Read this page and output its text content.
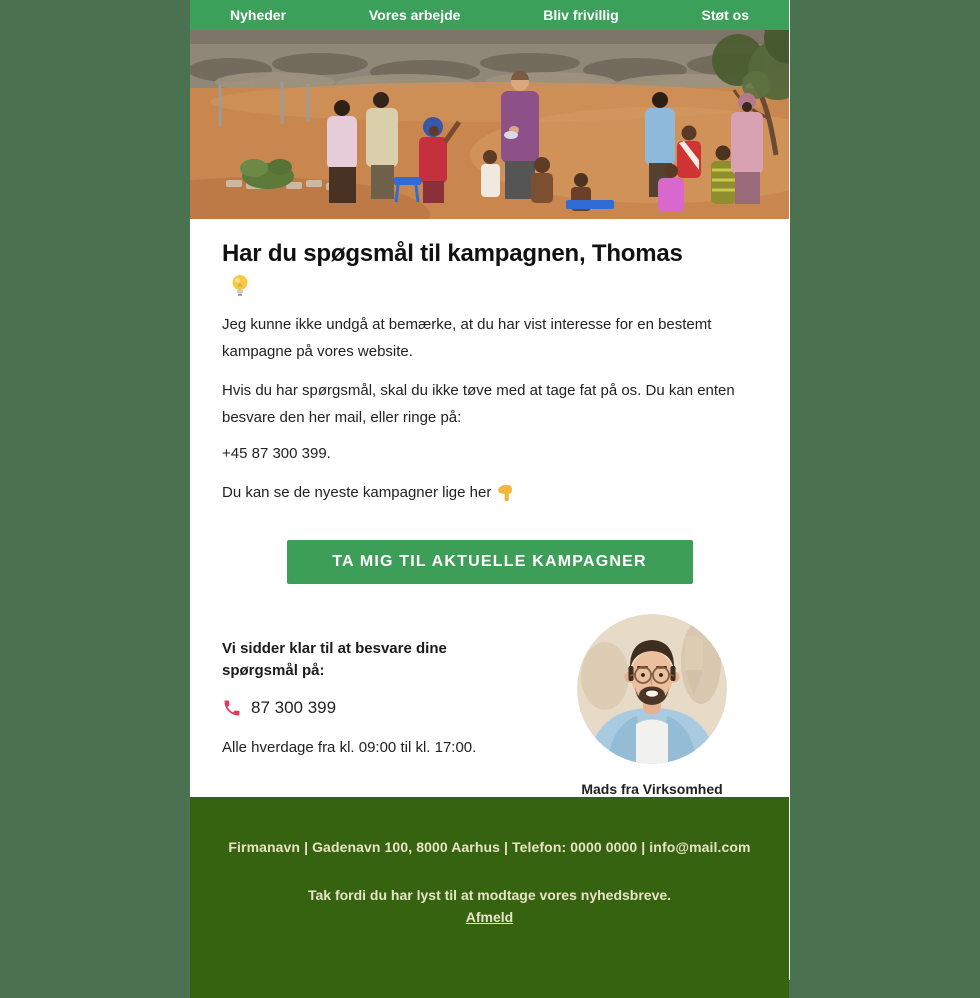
Nyheder	Vores arbejde	Bliv frivillig	Støt os
Har du spøgsmål til kampagnen, Thomas

Jeg kunne ikke undgå at bemærke, at du har vist interesse for en bestemt kampagne på vores website.

Hvis du har spørgsmål, skal du ikke tøve med at tage fat på os. Du kan enten besvare den her mail, eller ringe på:

+45 87 300 399.

Du kan se de nyeste kampagner lige her

TA MIG TIL AKTUELLE KAMPAGNER
Vi sidder klar til at besvare dine spørgsmål på:
87 300 399
Alle hverdage fra kl. 09:00 til kl. 17:00.
Mads fra Virksomhed
Firmanavn | Gadenavn 100, 8000 Aarhus | Telefon: 0000 0000 | info@mail.com
Tak fordi du har lyst til at modtage vores nyhedsbreve.
Afmeld
